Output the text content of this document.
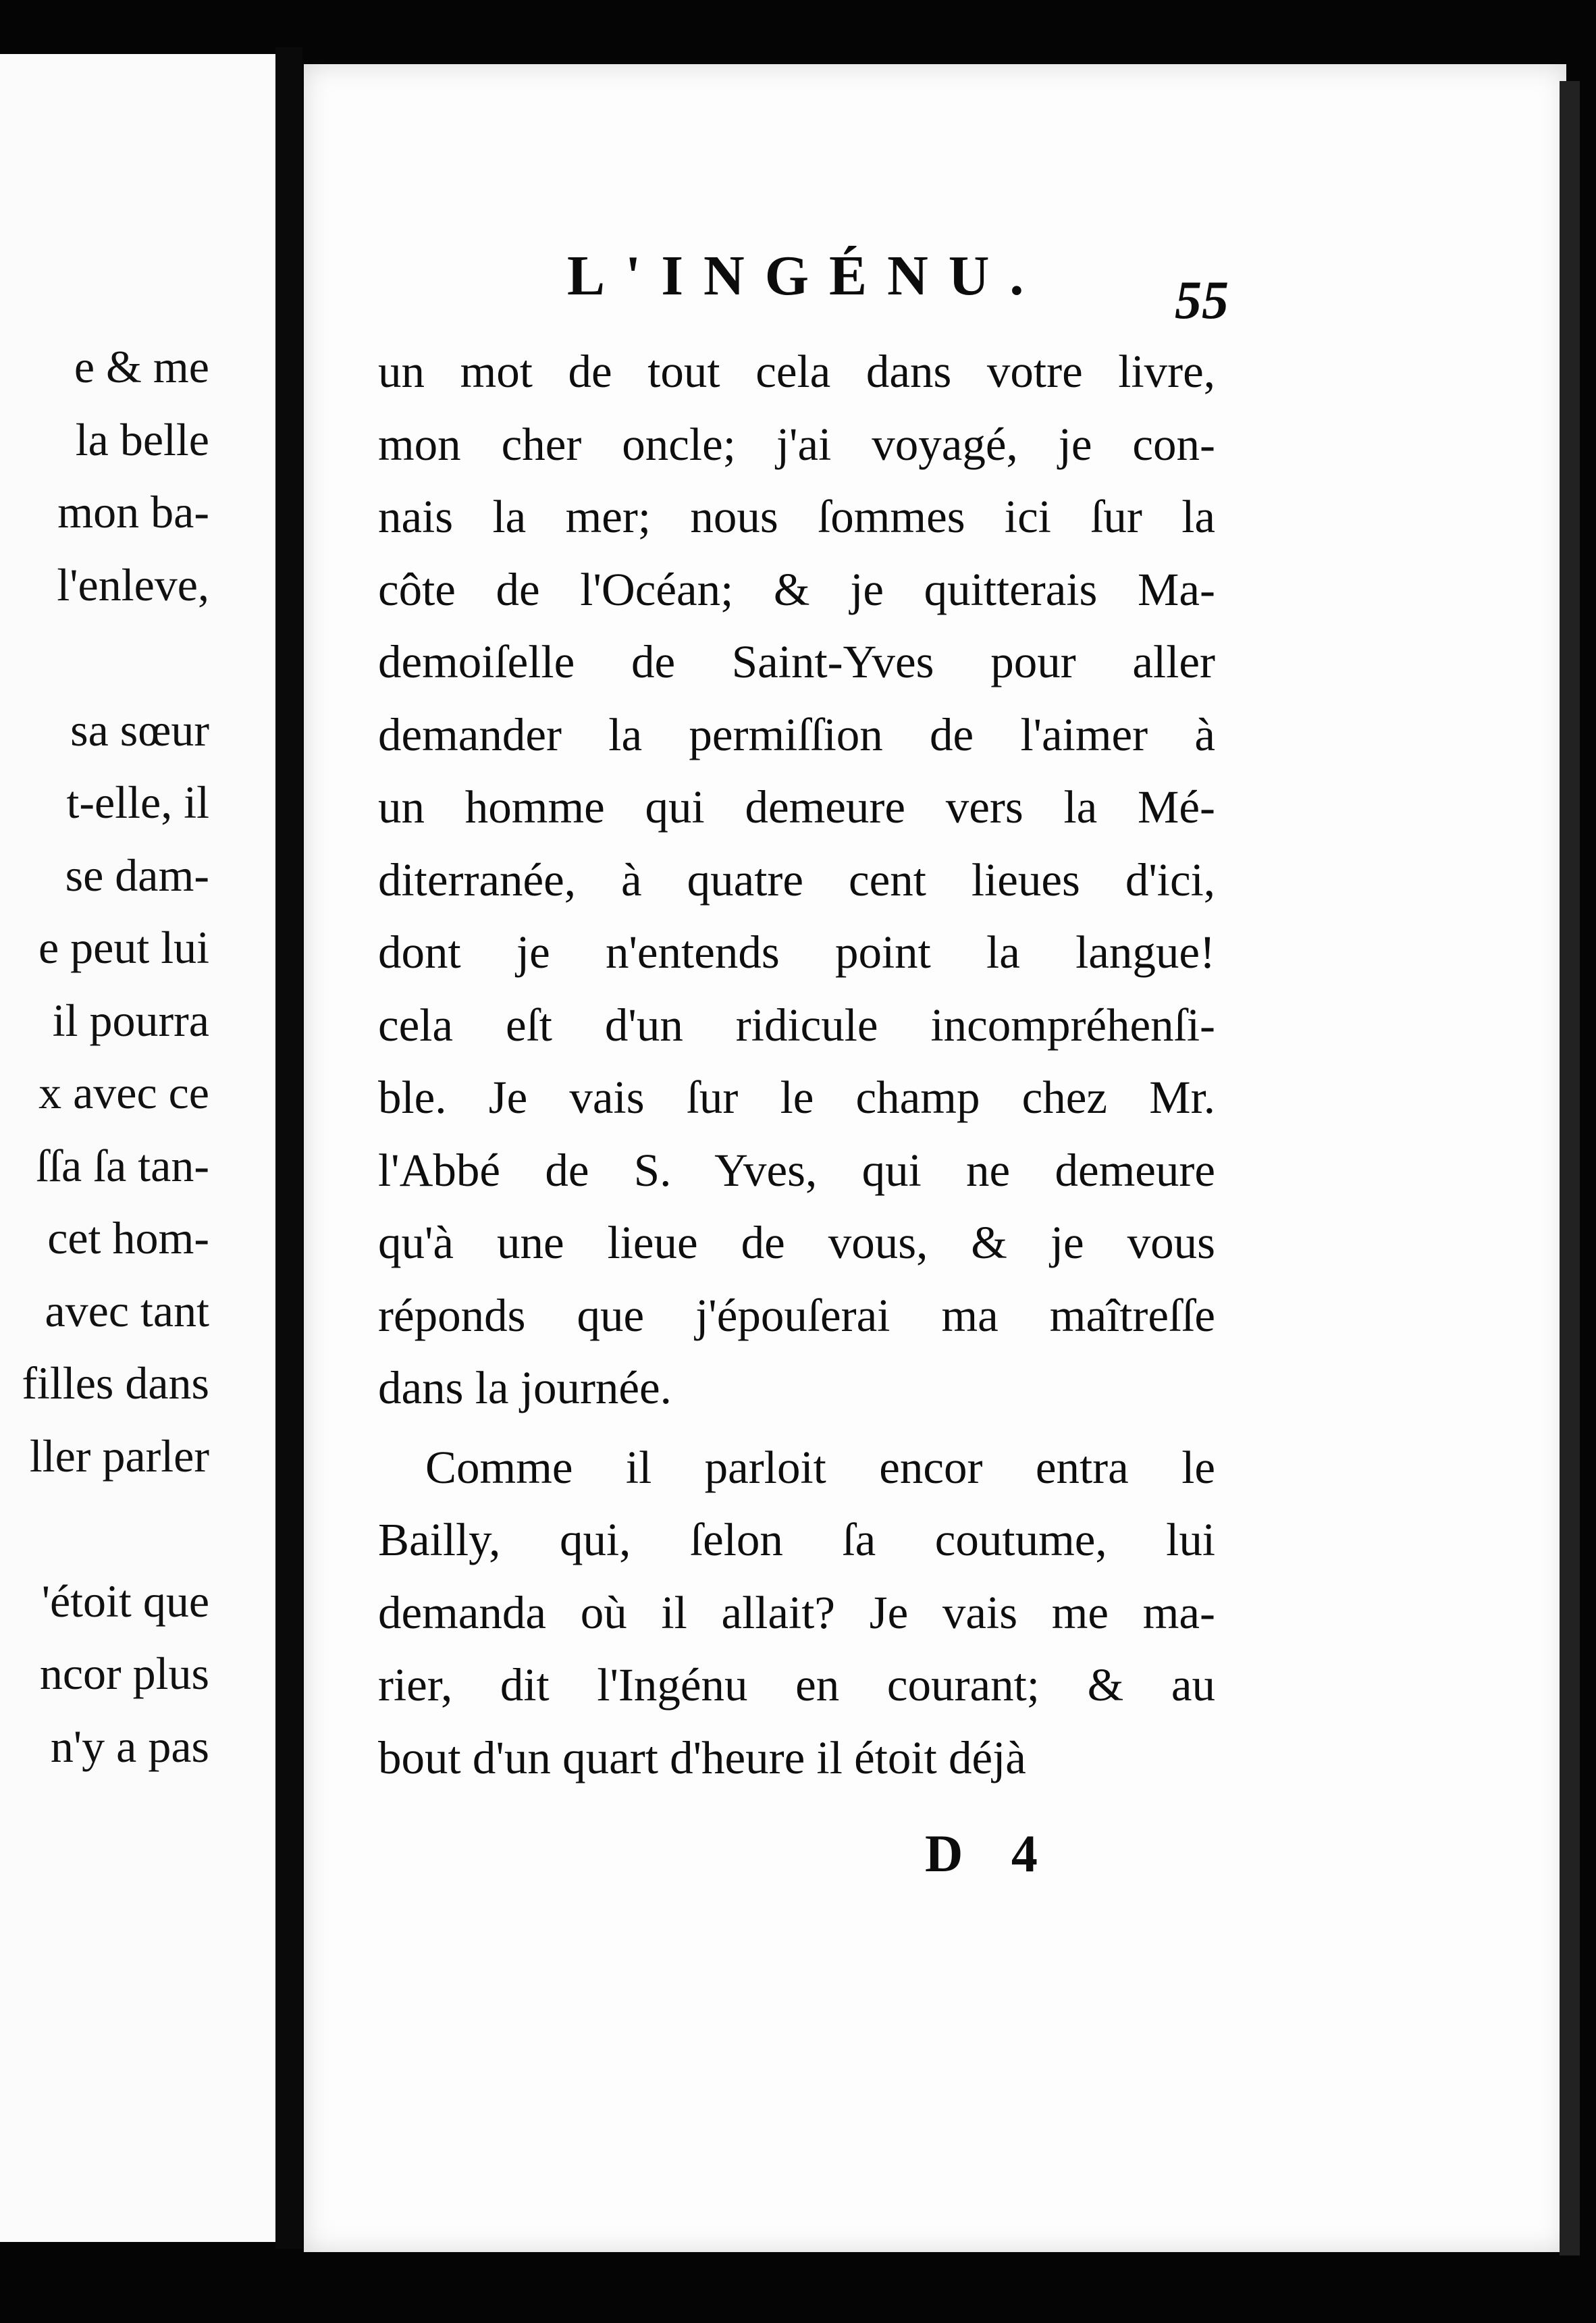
e & me
la belle
mon ba-
l'enleve,
sa sœur
t-elle, il
se dam-
e peut lui
il pourra
x avec ce
ſſa ſa tan-
cet hom-
avec tant
filles dans
ller parler
'étoit que
ncor plus
n'y a pas
L'INGÉNU. 55
un mot de tout cela dans votre livre,
mon cher oncle; j'ai voyagé, je con-
nais la mer; nous ſommes ici ſur la
côte de l'Océan; & je quitterais Ma-
demoiſelle de Saint-Yves pour aller
demander la permiſſion de l'aimer à
un homme qui demeure vers la Mé-
diterranée, à quatre cent lieues d'ici,
dont je n'entends point la langue!
cela eſt d'un ridicule incompréhenſi-
ble. Je vais ſur le champ chez Mr.
l'Abbé de S. Yves, qui ne demeure
qu'à une lieue de vous, & je vous
réponds que j'épouſerai ma maîtreſſe
dans la journée.
Comme il parloit encor entra le
Bailly, qui, ſelon ſa coutume, lui
demanda où il allait? Je vais me ma-
rier, dit l'Ingénu en courant; & au
bout d'un quart d'heure il étoit déjà
D 4
